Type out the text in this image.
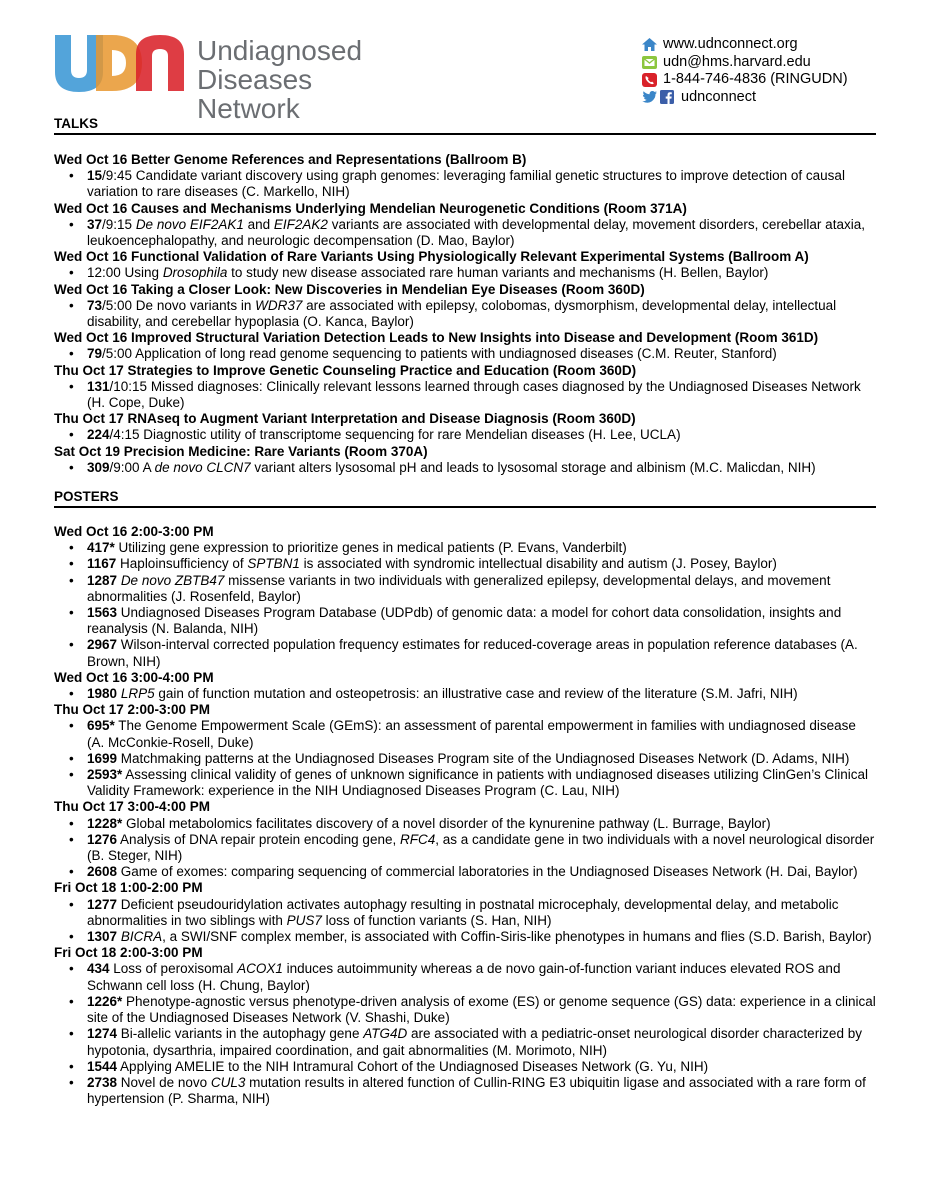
Undiagnosed
Diseases Network
www.udnconnect.org
udn@hms.harvard.edu
1-844-746-4836 (RINGUDN)
udnconnect
TALKS
Wed Oct 16 Better Genome References and Representations (Ballroom B)
• 15/9:45 Candidate variant discovery using graph genomes: leveraging familial genetic structures to improve detection of causal variation to rare diseases (C. Markello, NIH)
Wed Oct 16 Causes and Mechanisms Underlying Mendelian Neurogenetic Conditions (Room 371A)
• 37/9:15 De novo EIF2AK1 and EIF2AK2 variants are associated with developmental delay, movement disorders, cerebellar ataxia, leukoencephalopathy, and neurologic decompensation (D. Mao, Baylor)
Wed Oct 16 Functional Validation of Rare Variants Using Physiologically Relevant Experimental Systems (Ballroom A)
• 12:00 Using Drosophila to study new disease associated rare human variants and mechanisms (H. Bellen, Baylor)
Wed Oct 16 Taking a Closer Look: New Discoveries in Mendelian Eye Diseases (Room 360D)
• 73/5:00 De novo variants in WDR37 are associated with epilepsy, colobomas, dysmorphism, developmental delay, intellectual disability, and cerebellar hypoplasia (O. Kanca, Baylor)
Wed Oct 16 Improved Structural Variation Detection Leads to New Insights into Disease and Development (Room 361D)
• 79/5:00 Application of long read genome sequencing to patients with undiagnosed diseases (C.M. Reuter, Stanford)
Thu Oct 17 Strategies to Improve Genetic Counseling Practice and Education (Room 360D)
• 131/10:15 Missed diagnoses: Clinically relevant lessons learned through cases diagnosed by the Undiagnosed Diseases Network (H. Cope, Duke)
Thu Oct 17 RNAseq to Augment Variant Interpretation and Disease Diagnosis (Room 360D)
• 224/4:15 Diagnostic utility of transcriptome sequencing for rare Mendelian diseases (H. Lee, UCLA)
Sat Oct 19 Precision Medicine: Rare Variants (Room 370A)
• 309/9:00 A de novo CLCN7 variant alters lysosomal pH and leads to lysosomal storage and albinism (M.C. Malicdan, NIH)
POSTERS
Wed Oct 16 2:00-3:00 PM
• 417* Utilizing gene expression to prioritize genes in medical patients (P. Evans, Vanderbilt)
• 1167 Haploinsufficiency of SPTBN1 is associated with syndromic intellectual disability and autism (J. Posey, Baylor)
• 1287 De novo ZBTB47 missense variants in two individuals with generalized epilepsy, developmental delays, and movement abnormalities (J. Rosenfeld, Baylor)
• 1563 Undiagnosed Diseases Program Database (UDPdb) of genomic data: a model for cohort data consolidation, insights and reanalysis (N. Balanda, NIH)
• 2967 Wilson-interval corrected population frequency estimates for reduced-coverage areas in population reference databases (A. Brown, NIH)
Wed Oct 16 3:00-4:00 PM
• 1980 LRP5 gain of function mutation and osteopetrosis: an illustrative case and review of the literature (S.M. Jafri, NIH)
Thu Oct 17 2:00-3:00 PM
• 695* The Genome Empowerment Scale (GEmS): an assessment of parental empowerment in families with undiagnosed disease (A. McConkie-Rosell, Duke)
• 1699 Matchmaking patterns at the Undiagnosed Diseases Program site of the Undiagnosed Diseases Network (D. Adams, NIH)
• 2593* Assessing clinical validity of genes of unknown significance in patients with undiagnosed diseases utilizing ClinGen’s Clinical Validity Framework: experience in the NIH Undiagnosed Diseases Program (C. Lau, NIH)
Thu Oct 17 3:00-4:00 PM
• 1228* Global metabolomics facilitates discovery of a novel disorder of the kynurenine pathway (L. Burrage, Baylor)
• 1276 Analysis of DNA repair protein encoding gene, RFC4, as a candidate gene in two individuals with a novel neurological disorder (B. Steger, NIH)
• 2608 Game of exomes: comparing sequencing of commercial laboratories in the Undiagnosed Diseases Network (H. Dai, Baylor)
Fri Oct 18 1:00-2:00 PM
• 1277 Deficient pseudouridylation activates autophagy resulting in postnatal microcephaly, developmental delay, and metabolic abnormalities in two siblings with PUS7 loss of function variants (S. Han, NIH)
• 1307 BICRA, a SWI/SNF complex member, is associated with Coffin-Siris-like phenotypes in humans and flies (S.D. Barish, Baylor)
Fri Oct 18 2:00-3:00 PM
• 434 Loss of peroxisomal ACOX1 induces autoimmunity whereas a de novo gain-of-function variant induces elevated ROS and Schwann cell loss (H. Chung, Baylor)
• 1226* Phenotype-agnostic versus phenotype-driven analysis of exome (ES) or genome sequence (GS) data: experience in a clinical site of the Undiagnosed Diseases Network (V. Shashi, Duke)
• 1274 Bi-allelic variants in the autophagy gene ATG4D are associated with a pediatric-onset neurological disorder characterized by hypotonia, dysarthria, impaired coordination, and gait abnormalities (M. Morimoto, NIH)
• 1544 Applying AMELIE to the NIH Intramural Cohort of the Undiagnosed Diseases Network (G. Yu, NIH)
• 2738 Novel de novo CUL3 mutation results in altered function of Cullin-RING E3 ubiquitin ligase and associated with a rare form of hypertension (P. Sharma, NIH)
